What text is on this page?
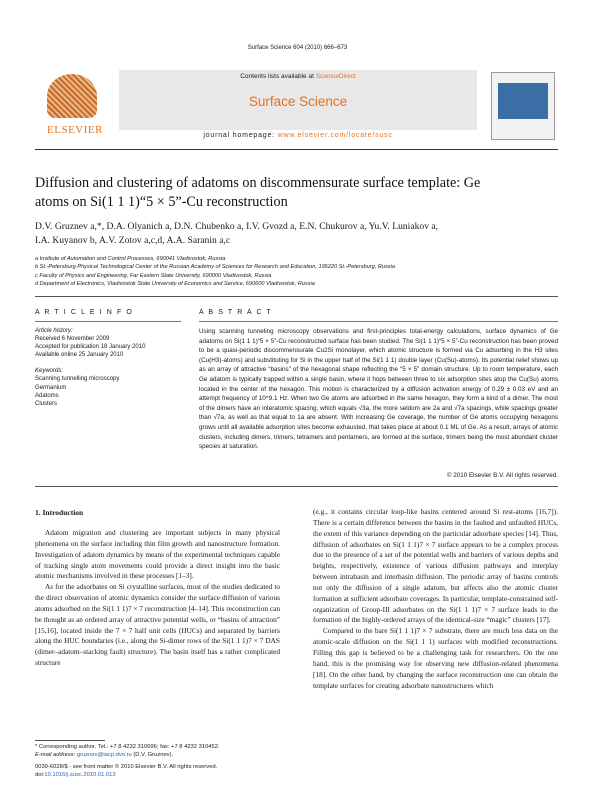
Surface Science 604 (2010) 666–673
ELSEVIER
Contents lists available at ScienceDirect
Surface Science
journal homepage: www.elsevier.com/locate/susc
Diffusion and clustering of adatoms on discommensurate surface template: Ge atoms on Si(1 1 1)“5 × 5”-Cu reconstruction
D.V. Gruznev a,*, D.A. Olyanich a, D.N. Chubenko a, I.V. Gvozd a, E.N. Chukurov a, Yu.V. Luniakov a,
I.A. Kuyanov b, A.V. Zotov a,c,d, A.A. Saranin a,c

a Institute of Automation and Control Processes, 690041 Vladivostok, Russia

b St.-Petersburg Physical Technological Center of the Russian Academy of Sciences for Research and Education, 195220 St.-Petersburg, Russia

c Faculty of Physics and Engineering, Far Eastern State University, 690000 Vladivostok, Russia

d Department of Electronics, Vladivostok State University of Economics and Service, 690600 Vladivostok, Russia

A R T I C L E I N F O	A B S T R A C T

Article history:

Received 6 November 2009

Accepted for publication 18 January 2010

Available online 25 January 2010

Keywords:

Scanning tunnelling microscopy

Germanium

Adatoms

Clusters

Using scanning tunneling microscopy observations and first-principles total-energy calculations, surface dynamics of Ge adatoms on Si(1 1 1)“5 × 5”-Cu reconstructed surface has been studied. The Si(1 1 1)“5 × 5”-Cu reconstruction has been proved to be a quasi-periodic discommensurate Cu2Si monolayer, which atomic structure is formed via Cu adsorbing in the H3 sites (Cu(H3)-atoms) and substituting for Si in the upper half of the Si(1 1 1) double layer (Cu(Su)-atoms). Its potential relief shows up as an array of attractive “basins” of the hexagonal shape reflecting the “5 × 5” domain structure. Up to room temperature, each Ge adatom is typically trapped within a single basin, where it hops between three to six adsorption sites atop the Cu(Su) atoms located in the center of the hexagon. This motion is characterized by a diffusion activation energy of 0.29 ± 0.03 eV and an attempt frequency of 10^9.1 Hz. When two Ge atoms are adsorbed in the same hexagon, they form a kind of a dimer. The most of the dimers have an interatomic spacing, which equals √3a, the more seldom are 2a and √7a spacings, while spacings greater than √7a, as well as that equal to 1a are absent. With increasing Ge coverage, the number of Ge atoms occupying hexagons grows until all available adsorption sites become exhausted, that takes place at about 0.1 ML of Ge. As a result, arrays of atomic clusters, including dimers, trimers, tetramers and pentamers, are formed at the surface, trimers being the most abundant cluster species at saturation.

© 2010 Elsevier B.V. All rights reserved.
1. Introduction

Adatom migration and clustering are important subjects in many physical phenomena on the surface including thin film growth and nanostructure formation. Investigation of adatom dynamics by means of the experimental techniques capable of tracking single atom movements could provide a direct insight into the basic atomic mechanisms involved in these processes [1–3].

As for the adsorbates on Si crystalline surfaces, most of the studies dedicated to the direct observation of atomic dynamics consider the surface diffusion of various atoms adsorbed on the Si(1 1 1)7 × 7 reconstruction [4–14]. This reconstruction can be thought as an ordered array of attractive potential wells, or “basins of attraction” [15,16], located inside the 7 × 7 half unit cells (HUCs) and separated by barriers along the HUC boundaries (i.e., along the Si-dimer rows of the Si(1 1 1)7 × 7 DAS (dimer–adatom–stacking fault) structure). The basin itself has a rather complicated structure

(e.g., it contains circular loop-like basins centered around Si rest-atoms [16,7]). There is a certain difference between the basins in the faulted and unfaulted HUCs, the extent of this variance depending on the particular adsorbate species [14]. Thus, diffusion of adsorbates on Si(1 1 1)7 × 7 surface appears to be a complex process due to the presence of a set of the potential wells and barriers of various depths and heights, respectively, existence of various diffusion pathways and interplay between intrabasin and interbasin diffusion. The periodic array of basins controls not only the diffusion of a single adatom, but affects also the atomic cluster formation at sufficient adsorbate coverages. In particular, template-constrained self-organization of Group-III adsorbates on the Si(1 1 1)7 × 7 surface leads to the formation of the highly-ordered arrays of the identical-size “magic” clusters [17].

Compared to the bare Si(1 1 1)7 × 7 substrate, there are much less data on the atomic-scale diffusion on the Si(1 1 1) surfaces with modified reconstructions. Filling this gap is believed to be a challenging task for researchers. On the one hand, this is the promising way for observing new diffusion-related phenomena [18]. On the other hand, by changing the surface reconstruction one can obtain the template surfaces for creating adsorbate nanostructures which

* Corresponding author. Tel.: +7 8 4232 310696; fax: +7 8 4232 310452.

E-mail address: gruznev@iacp.dvo.ru (D.V. Gruznev).

0039-6028/$ - see front matter © 2010 Elsevier B.V. All rights reserved.

doi:10.1016/j.susc.2010.01.013
